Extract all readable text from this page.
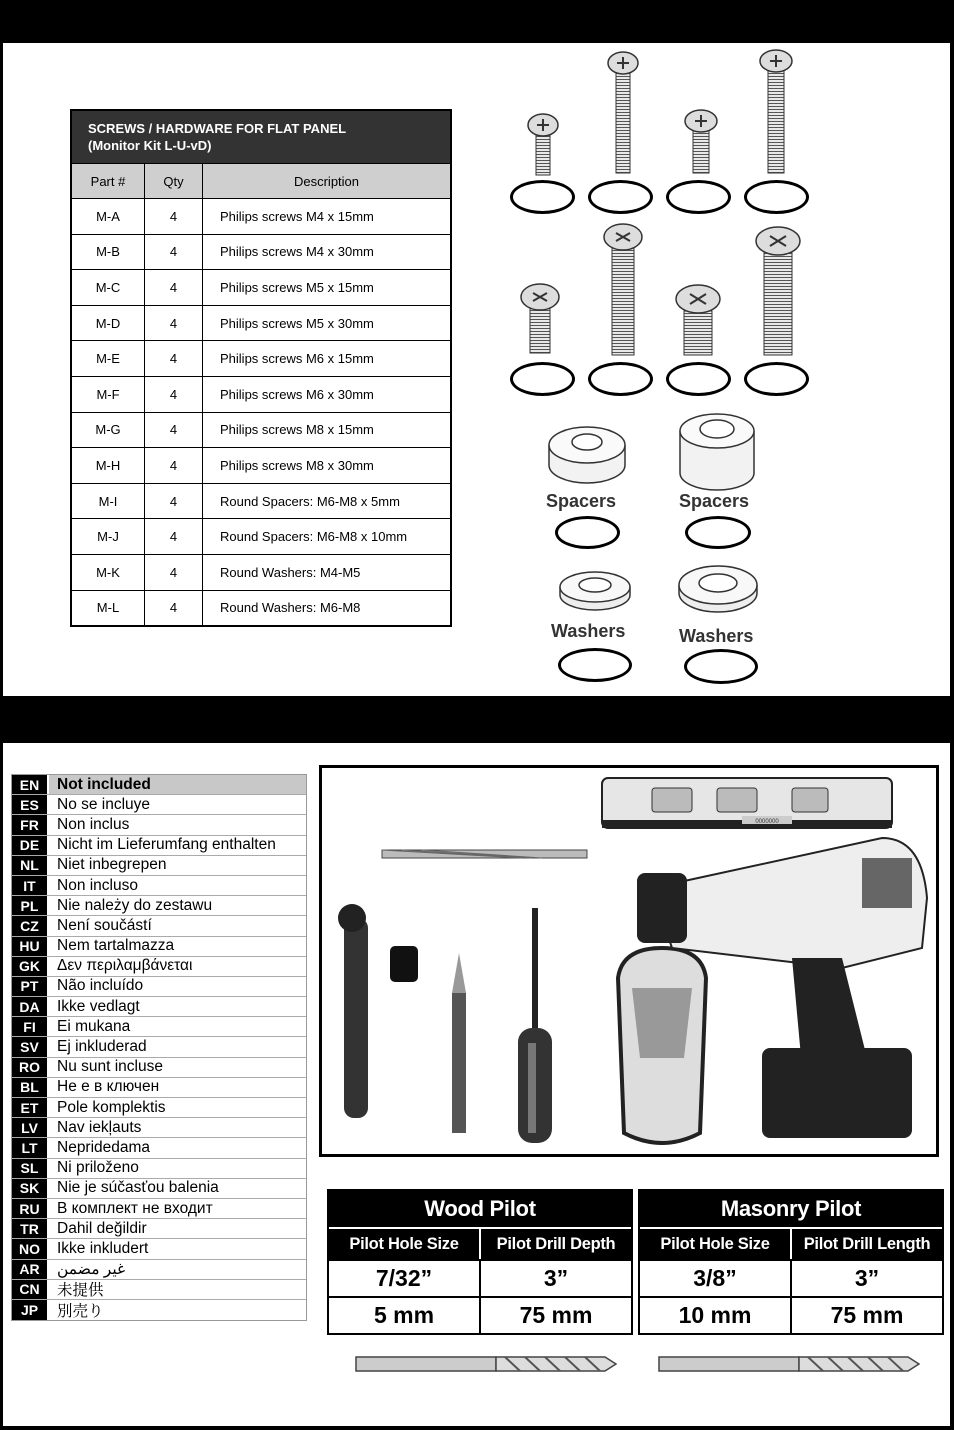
SCREWS / HARDWARE FOR FLAT PANEL
(Monitor Kit L-U-vD)
Part #	Qty	Description
M-A	4	Philips screws M4 x 15mm
M-B	4	Philips screws M4 x 30mm
M-C	4	Philips screws M5 x 15mm
M-D	4	Philips screws M5 x 30mm
M-E	4	Philips screws M6 x 15mm
M-F	4	Philips screws M6 x 30mm
M-G	4	Philips screws M8 x 15mm
M-H	4	Philips screws M8 x 30mm
M-I	4	Round Spacers: M6-M8 x 5mm
M-J	4	Round Spacers: M6-M8 x 10mm
M-K	4	Round Washers: M4-M5
M-L	4	Round Washers: M6-M8
Spacers	Spacers
Washers	Washers
EN	Not included
ES	No se incluye
FR	Non inclus
DE	Nicht im Lieferumfang enthalten
NL	Niet inbegrepen
IT	Non incluso
PL	Nie należy do zestawu
CZ	Není součástí
HU	Nem tartalmazza
GK	Δεν περιλαμβάνεται
PT	Não incluído
DA	Ikke vedlagt
FI	Ei mukana
SV	Ej inkluderad
RO	Nu sunt incluse
BL	Не е в ключен
ET	Pole komplektis
LV	Nav iekļauts
LT	Nepridedama
SL	Ni priloženo
SK	Nie je súčasťou balenia
RU	В комплект не входит
TR	Dahil değildir
NO	Ikke inkludert
AR	غير مضمن
CN	未提供
JP	別売り
0000000
Wood Pilot
Pilot Hole Size	Pilot Drill Depth
7/32”	3”
5 mm	75 mm
Masonry Pilot
Pilot Hole Size	Pilot Drill Length
3/8”	3”
10 mm	75 mm
